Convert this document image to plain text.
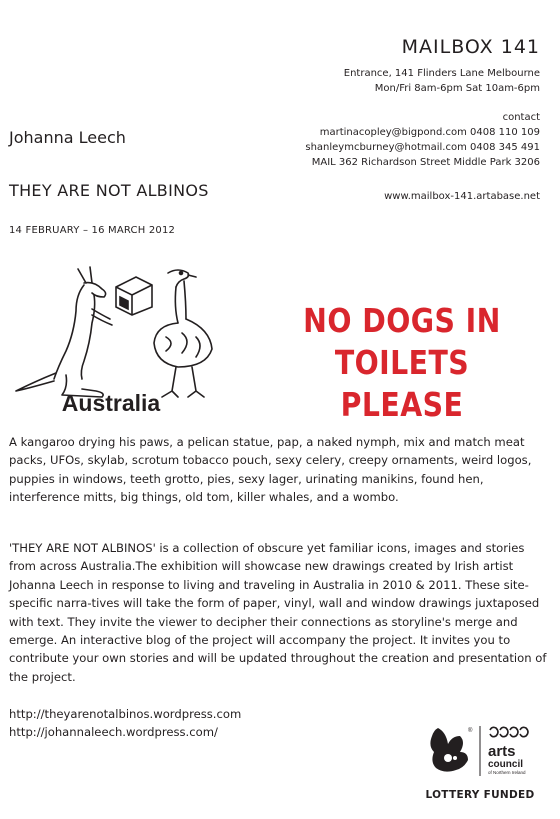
MAILBOX 141
Entrance, 141 Flinders Lane Melbourne
Mon/Fri 8am-6pm Sat 10am-6pm
contact
martinacopley@bigpond.com 0408 110 109
shanleymcburney@hotmail.com 0408 345 491
MAIL 362 Richardson Street Middle Park 3206
www.mailbox-141.artabase.net
Johanna Leech
THEY ARE NOT ALBINOS
14 FEBRUARY – 16 MARCH 2012
Australia
NO DOGS IN
TOILETS PLEASE
A kangaroo drying his paws, a pelican statue, pap, a naked nymph, mix and match meat packs, UFOs, skylab, scrotum tobacco pouch, sexy celery, creepy ornaments, weird logos, puppies in windows, teeth grotto, pies, sexy lager, urinating manikins, found hen, interference mitts, big things, old tom, killer whales, and a wombo.
'THEY ARE NOT ALBINOS' is a collection of obscure yet familiar icons, images and stories from across Australia.The exhibition will showcase new drawings created by Irish artist Johanna Leech in response to living and traveling in Australia in 2010 & 2011. These site-specific narra-tives will take the form of paper, vinyl, wall and window drawings juxtaposed with text. They invite the viewer to decipher their connections as storyline's merge and emerge. An interactive blog of the project will accompany the project. It invites you to contribute your own stories and will be updated throughout the creation and presentation of the project.
http://theyarenotalbinos.wordpress.com
http://johannaleech.wordpress.com/	®
arts
council
of Northern Ireland
LOTTERY FUNDED
